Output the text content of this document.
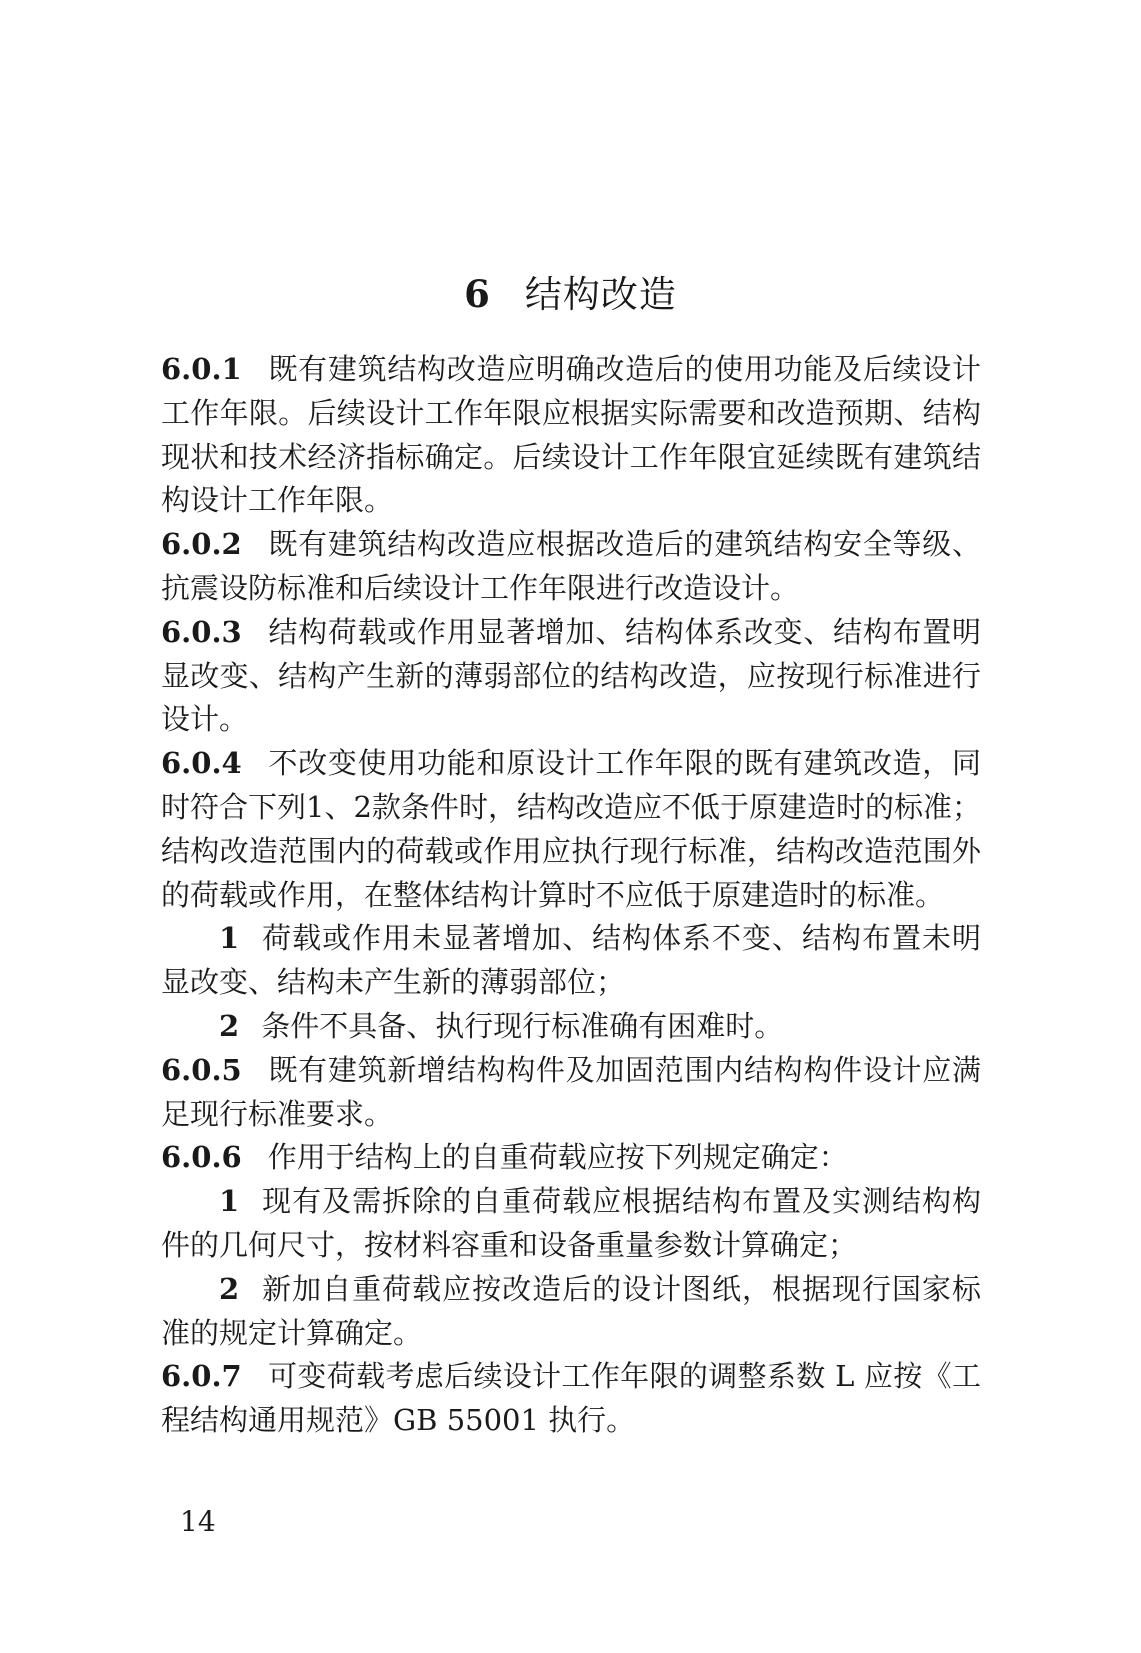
6 结构改造

6.0.1 既有建筑结构改造应明确改造后的使用功能及后续设计工作年限。后续设计工作年限应根据实际需要和改造预期、结构现状和技术经济指标确定。后续设计工作年限宜延续既有建筑结构设计工作年限。

6.0.2 既有建筑结构改造应根据改造后的建筑结构安全等级、抗震设防标准和后续设计工作年限进行改造设计。

6.0.3 结构荷载或作用显著增加、结构体系改变、结构布置明显改变、结构产生新的薄弱部位的结构改造，应按现行标准进行设计。

6.0.4 不改变使用功能和原设计工作年限的既有建筑改造，同时符合下列1、2款条件时，结构改造应不低于原建造时的标准；结构改造范围内的荷载或作用应执行现行标准，结构改造范围外的荷载或作用，在整体结构计算时不应低于原建造时的标准。

1 荷载或作用未显著增加、结构体系不变、结构布置未明显改变、结构未产生新的薄弱部位；

2 条件不具备、执行现行标准确有困难时。

6.0.5 既有建筑新增结构构件及加固范围内结构构件设计应满足现行标准要求。

6.0.6 作用于结构上的自重荷载应按下列规定确定：

1 现有及需拆除的自重荷载应根据结构布置及实测结构构件的几何尺寸，按材料容重和设备重量参数计算确定；

2 新加自重荷载应按改造后的设计图纸，根据现行国家标准的规定计算确定。

6.0.7 可变荷载考虑后续设计工作年限的调整系数 L 应按《工程结构通用规范》GB 55001 执行。

14
